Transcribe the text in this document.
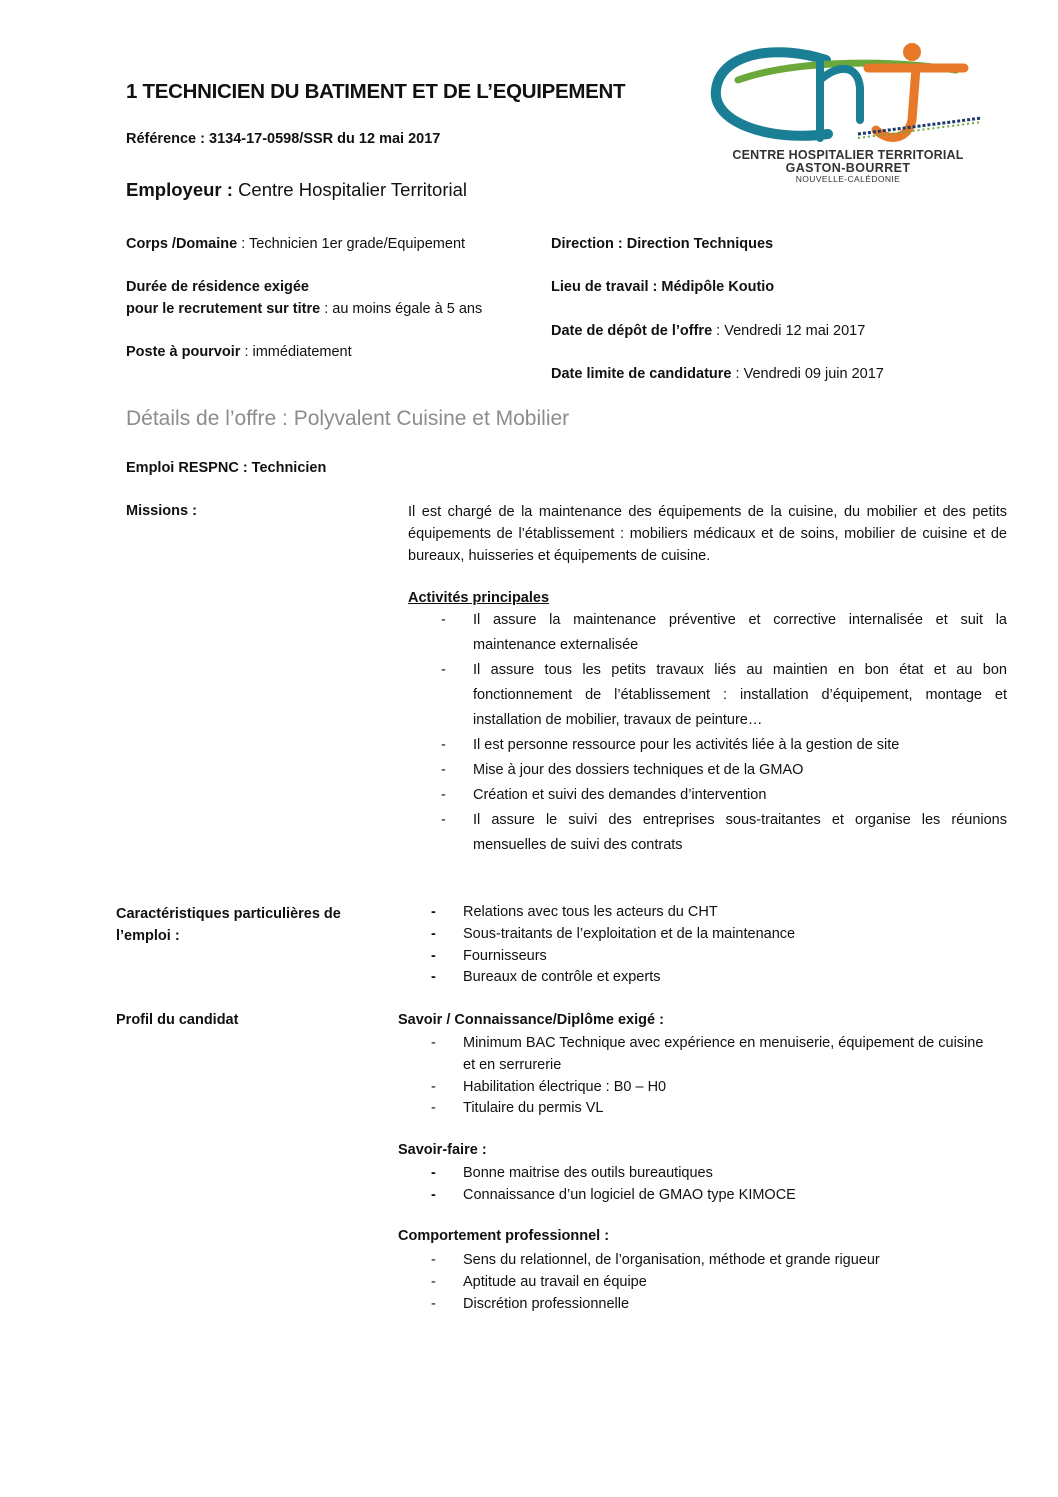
1 TECHNICIEN DU BATIMENT ET DE L’EQUIPEMENT
Référence : 3134-17-0598/SSR du 12 mai 2017
Employeur : Centre Hospitalier Territorial
CENTRE HOSPITALIER TERRITORIAL
GASTON-BOURRET
NOUVELLE-CALÉDONIE
Corps /Domaine : Technicien 1er grade/Equipement
Durée de résidence exigée
pour le recrutement sur titre : au moins égale à 5 ans
Poste à pourvoir : immédiatement
Direction : Direction Techniques
Lieu de travail : Médipôle Koutio
Date de dépôt de l’offre : Vendredi 12 mai 2017
Date limite de candidature : Vendredi 09 juin 2017
Détails de l’offre : Polyvalent Cuisine et Mobilier
Emploi RESPNC : Technicien
Missions :	Il est chargé de la maintenance des équipements de la cuisine, du mobilier et des petits équipements de l’établissement : mobiliers médicaux et de soins, mobilier de cuisine et de bureaux, huisseries et équipements de cuisine.
Activités principales
- Il assure la maintenance préventive et corrective internalisée et suit la maintenance externalisée
- Il assure tous les petits travaux liés au maintien en bon état et au bon fonctionnement de l’établissement : installation d’équipement, montage et installation de mobilier, travaux de peinture…
- Il est personne ressource pour les activités liée à la gestion de site
- Mise à jour des dossiers techniques et de la GMAO
- Création et suivi des demandes d’intervention
- Il assure le suivi des entreprises sous-traitantes et organise les réunions mensuelles de suivi des contrats
Caractéristiques particulières de l’emploi :
- Relations avec tous les acteurs du CHT
- Sous-traitants de l’exploitation et de la maintenance
- Fournisseurs
- Bureaux de contrôle et experts
Profil du candidat	Savoir / Connaissance/Diplôme exigé :
- Minimum BAC Technique avec expérience en menuiserie, équipement de cuisine et en serrurerie
- Habilitation électrique : B0 – H0
- Titulaire du permis VL
Savoir-faire :
- Bonne maitrise des outils bureautiques
- Connaissance d’un logiciel de GMAO type KIMOCE
Comportement professionnel :
- Sens du relationnel, de l’organisation, méthode et grande rigueur
- Aptitude au travail en équipe
- Discrétion professionnelle
